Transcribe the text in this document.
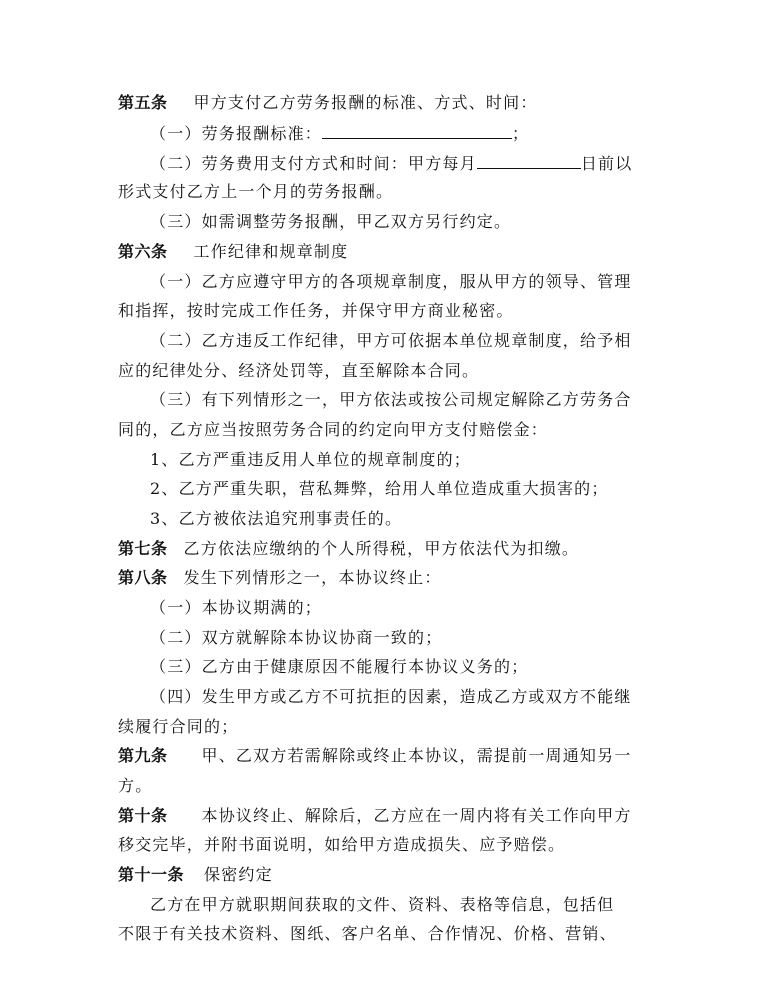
第五条 甲方支付乙方劳务报酬的标准、方式、时间：
（一）劳务报酬标准：	；
（二）劳务费用支付方式和时间：甲方每月	日前以
形式支付乙方上一个月的劳务报酬。
（三）如需调整劳务报酬，甲乙双方另行约定。
第六条 工作纪律和规章制度
（一）乙方应遵守甲方的各项规章制度，服从甲方的领导、管理
和指挥，按时完成工作任务，并保守甲方商业秘密。
（二）乙方违反工作纪律，甲方可依据本单位规章制度，给予相
应的纪律处分、经济处罚等，直至解除本合同。
（三）有下列情形之一，甲方依法或按公司规定解除乙方劳务合
同的，乙方应当按照劳务合同的约定向甲方支付赔偿金：
1、乙方严重违反用人单位的规章制度的；
2、乙方严重失职，营私舞弊，给用人单位造成重大损害的；
3、乙方被依法追究刑事责任的。
第七条 乙方依法应缴纳的个人所得税，甲方依法代为扣缴。
第八条 发生下列情形之一，本协议终止：
（一）本协议期满的；
（二）双方就解除本协议协商一致的；
（三）乙方由于健康原因不能履行本协议义务的；
（四）发生甲方或乙方不可抗拒的因素，造成乙方或双方不能继
续履行合同的；
第九条 甲、乙双方若需解除或终止本协议，需提前一周通知另一
方。
第十条 本协议终止、解除后，乙方应在一周内将有关工作向甲方
移交完毕，并附书面说明，如给甲方造成损失、应予赔偿。
第十一条 保密约定
乙方在甲方就职期间获取的文件、资料、表格等信息，包括但
不限于有关技术资料、图纸、客户名单、合作情况、价格、营销、
